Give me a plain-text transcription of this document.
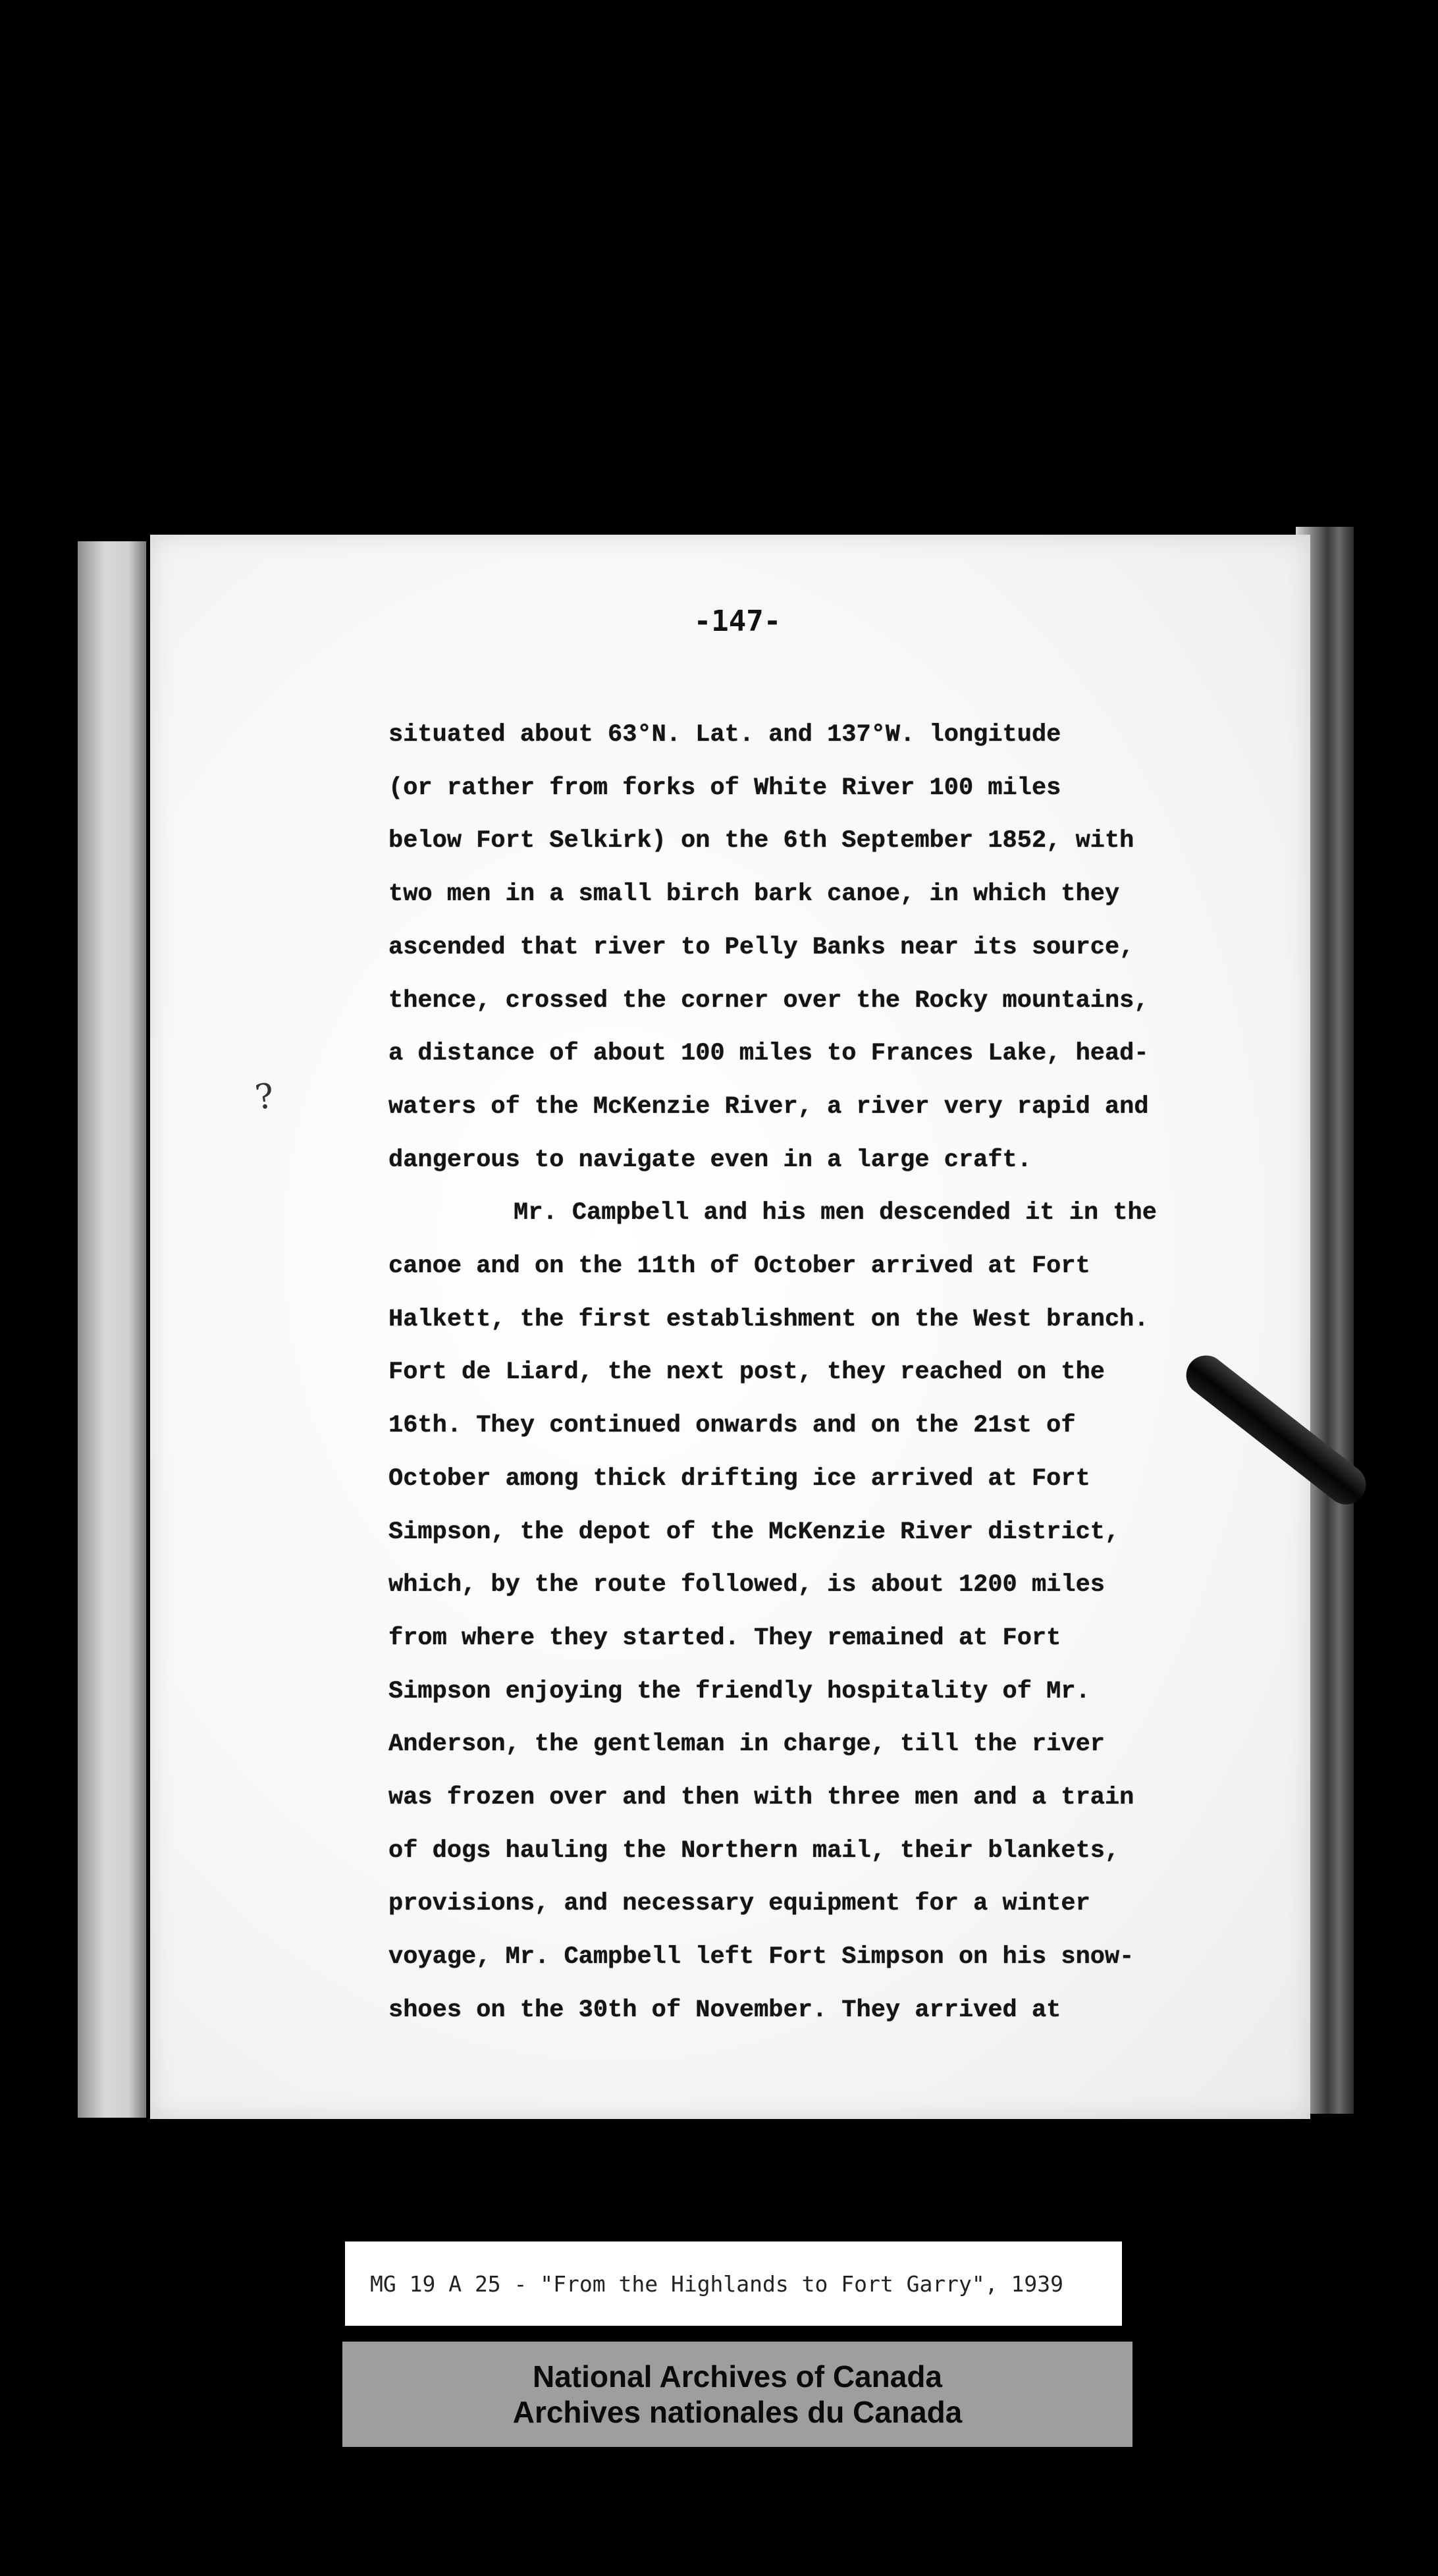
-147-
?
situated about 63°N. Lat. and 137°W. longitude
(or rather from forks of White River 100 miles
below Fort Selkirk) on the 6th September 1852, with
two men in a small birch bark canoe, in which they
ascended that river to Pelly Banks near its source,
thence, crossed the corner over the Rocky mountains,
a distance of about 100 miles to Frances Lake, head-
waters of the McKenzie River, a river very rapid and
dangerous to navigate even in a large craft.
Mr. Campbell and his men descended it in the
canoe and on the 11th of October arrived at Fort
Halkett, the first establishment on the West branch.
Fort de Liard, the next post, they reached on the
16th. They continued onwards and on the 21st of
October among thick drifting ice arrived at Fort
Simpson, the depot of the McKenzie River district,
which, by the route followed, is about 1200 miles
from where they started. They remained at Fort
Simpson enjoying the friendly hospitality of Mr.
Anderson, the gentleman in charge, till the river
was frozen over and then with three men and a train
of dogs hauling the Northern mail, their blankets,
provisions, and necessary equipment for a winter
voyage, Mr. Campbell left Fort Simpson on his snow-
shoes on the 30th of November. They arrived at
MG 19 A 25 - "From the Highlands to Fort Garry", 1939
National Archives of Canada
Archives nationales du Canada
